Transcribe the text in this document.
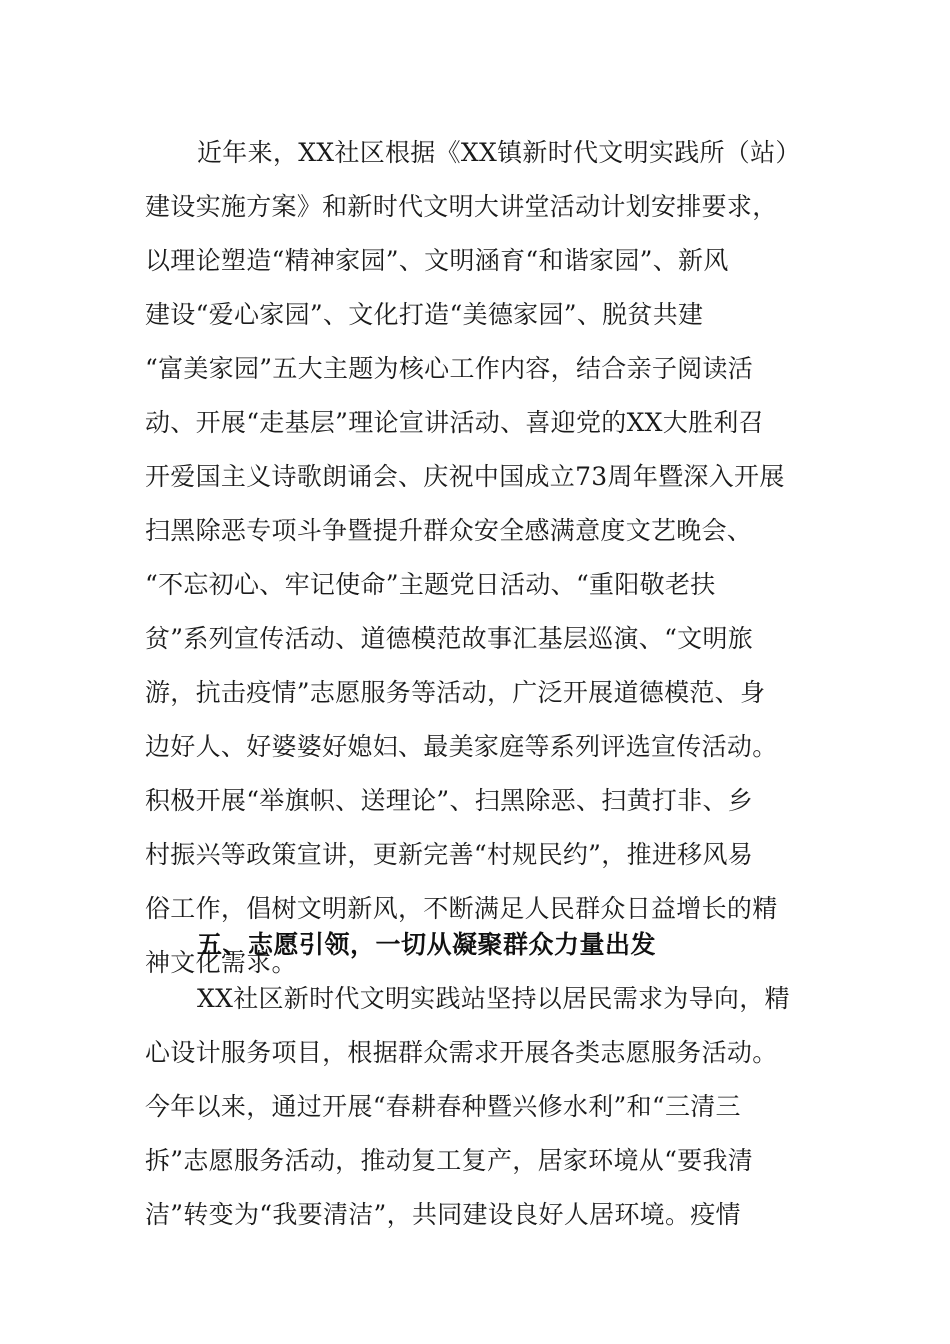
近年来，XX社区根据《XX镇新时代文明实践所（站）
建设实施方案》和新时代文明大讲堂活动计划安排要求，
以理论塑造“精神家园”、文明涵育“和谐家园”、新风
建设“爱心家园”、文化打造“美德家园”、脱贫共建
“富美家园”五大主题为核心工作内容，结合亲子阅读活
动、开展“走基层”理论宣讲活动、喜迎党的XX大胜利召
开爱国主义诗歌朗诵会、庆祝中国成立73周年暨深入开展
扫黑除恶专项斗争暨提升群众安全感满意度文艺晚会、
“不忘初心、牢记使命”主题党日活动、“重阳敬老扶
贫”系列宣传活动、道德模范故事汇基层巡演、“文明旅
游，抗击疫情”志愿服务等活动，广泛开展道德模范、身
边好人、好婆婆好媳妇、最美家庭等系列评选宣传活动。
积极开展“举旗帜、送理论”、扫黑除恶、扫黄打非、乡
村振兴等政策宣讲，更新完善“村规民约”，推进移风易
俗工作，倡树文明新风，不断满足人民群众日益增长的精
神文化需求。
五、志愿引领，一切从凝聚群众力量出发
XX社区新时代文明实践站坚持以居民需求为导向，精
心设计服务项目，根据群众需求开展各类志愿服务活动。
今年以来，通过开展“春耕春种暨兴修水利”和“三清三
拆”志愿服务活动，推动复工复产，居家环境从“要我清
洁”转变为“我要清洁”，共同建设良好人居环境。疫情
